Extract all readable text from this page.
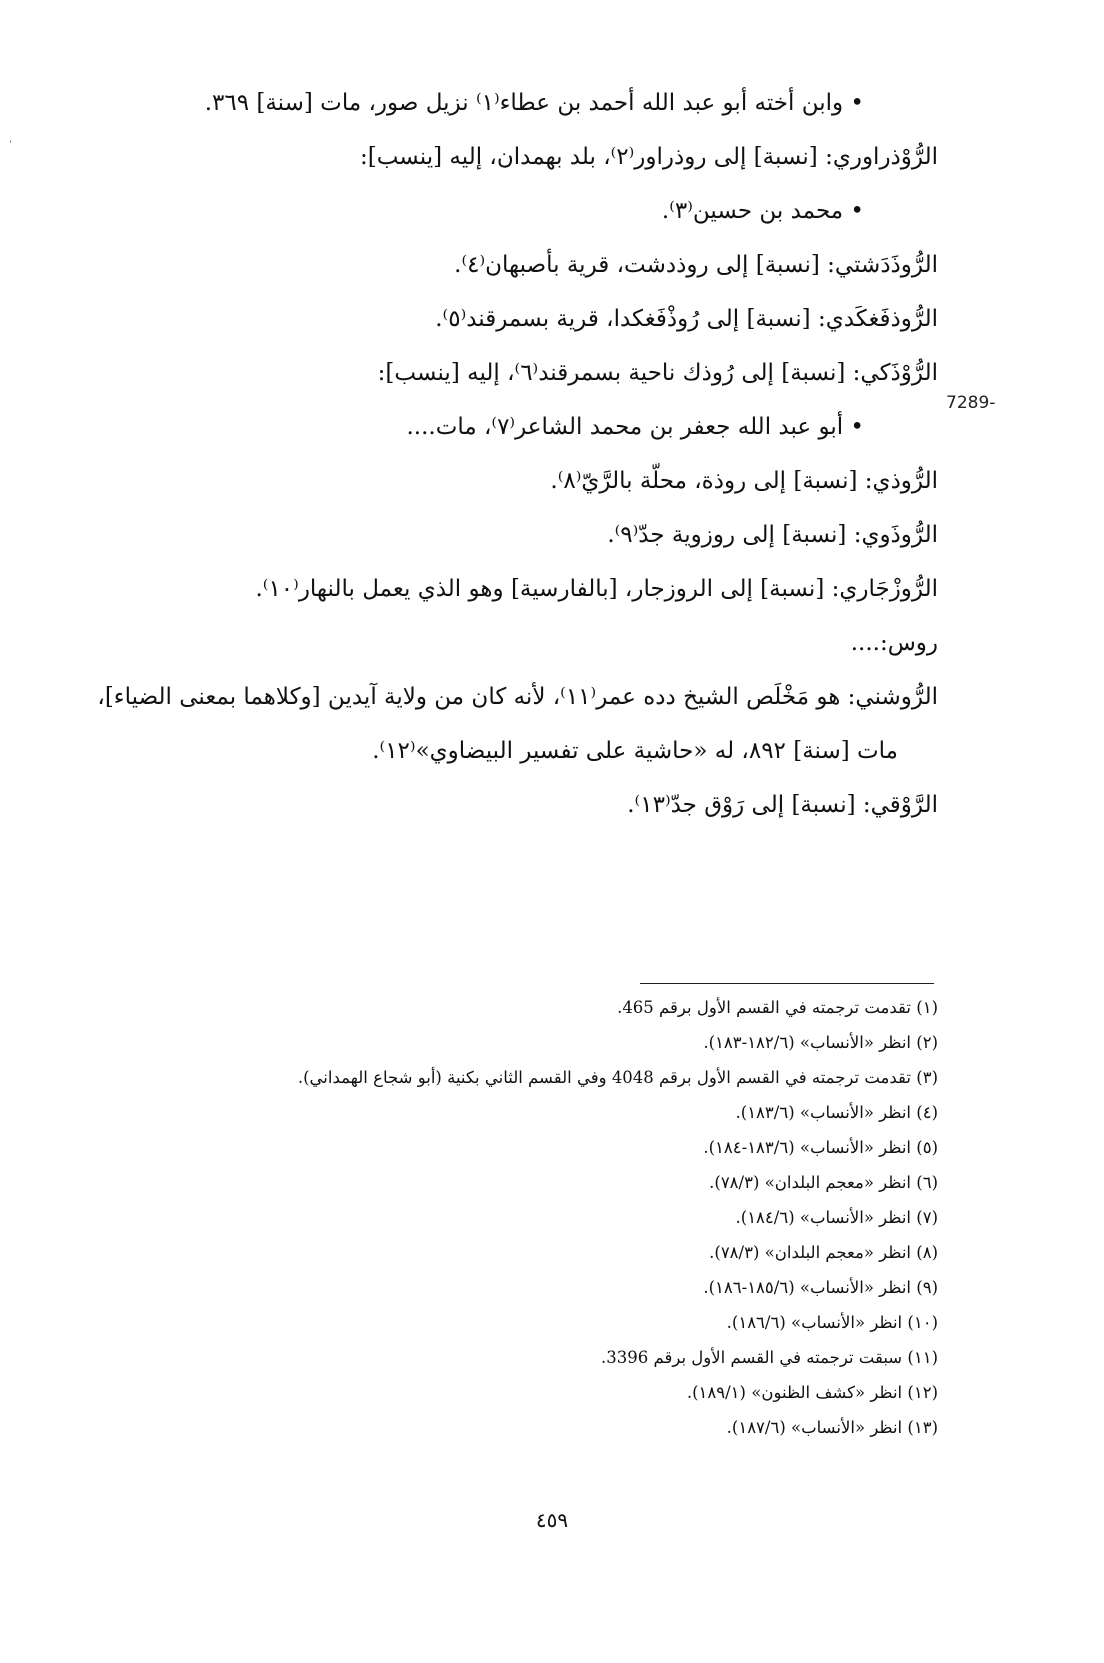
• وابن أخته أبو عبد الله أحمد بن عطاء⁽١⁾ نزيل صور، مات [سنة] ٣٦٩.
الرُّوْذراوري: [نسبة] إلى روذراور⁽٢⁾، بلد بهمدان، إليه [ينسب]:
• محمد بن حسين⁽٣⁾.
الرُّوذَدَشتي: [نسبة] إلى روذدشت، قرية بأصبهان⁽٤⁾.
الرُّوذفَغكَدي: [نسبة] إلى رُوذْفَغكدا، قرية بسمرقند⁽٥⁾.
الرُّوْذَكي: [نسبة] إلى رُوذك ناحية بسمرقند⁽٦⁾، إليه [ينسب]:
• أبو عبد الله جعفر بن محمد الشاعر⁽٧⁾، مات....
الرُّوذي: [نسبة] إلى روذة، محلّة بالرَّيّ⁽٨⁾.
الرُّوذَوي: [نسبة] إلى روزوية جدّ⁽٩⁾.
الرُّوزْجَاري: [نسبة] إلى الروزجار، [بالفارسية] وهو الذي يعمل بالنهار⁽١٠⁾.
روس:....
الرُّوشني: هو مَخْلَص الشيخ دده عمر⁽١١⁾، لأنه كان من ولاية آيدين [وكلاهما بمعنى الضياء]،
مات [سنة] ٨٩٢، له «حاشية على تفسير البيضاوي»⁽١٢⁾.
الرَّوْقي: [نسبة] إلى رَوْق جدّ⁽١٣⁾.
7289-
(١) تقدمت ترجمته في القسم الأول برقم 465.
(٢) انظر «الأنساب» (١٨٢/٦-١٨٣).
(٣) تقدمت ترجمته في القسم الأول برقم 4048 وفي القسم الثاني بكنية (أبو شجاع الهمداني).
(٤) انظر «الأنساب» (١٨٣/٦).
(٥) انظر «الأنساب» (١٨٣/٦-١٨٤).
(٦) انظر «معجم البلدان» (٧٨/٣).
(٧) انظر «الأنساب» (١٨٤/٦).
(٨) انظر «معجم البلدان» (٧٨/٣).
(٩) انظر «الأنساب» (١٨٥/٦-١٨٦).
(١٠) انظر «الأنساب» (١٨٦/٦).
(١١) سبقت ترجمته في القسم الأول برقم 3396.
(١٢) انظر «كشف الظنون» (١٨٩/١).
(١٣) انظر «الأنساب» (١٨٧/٦).
٤٥٩
